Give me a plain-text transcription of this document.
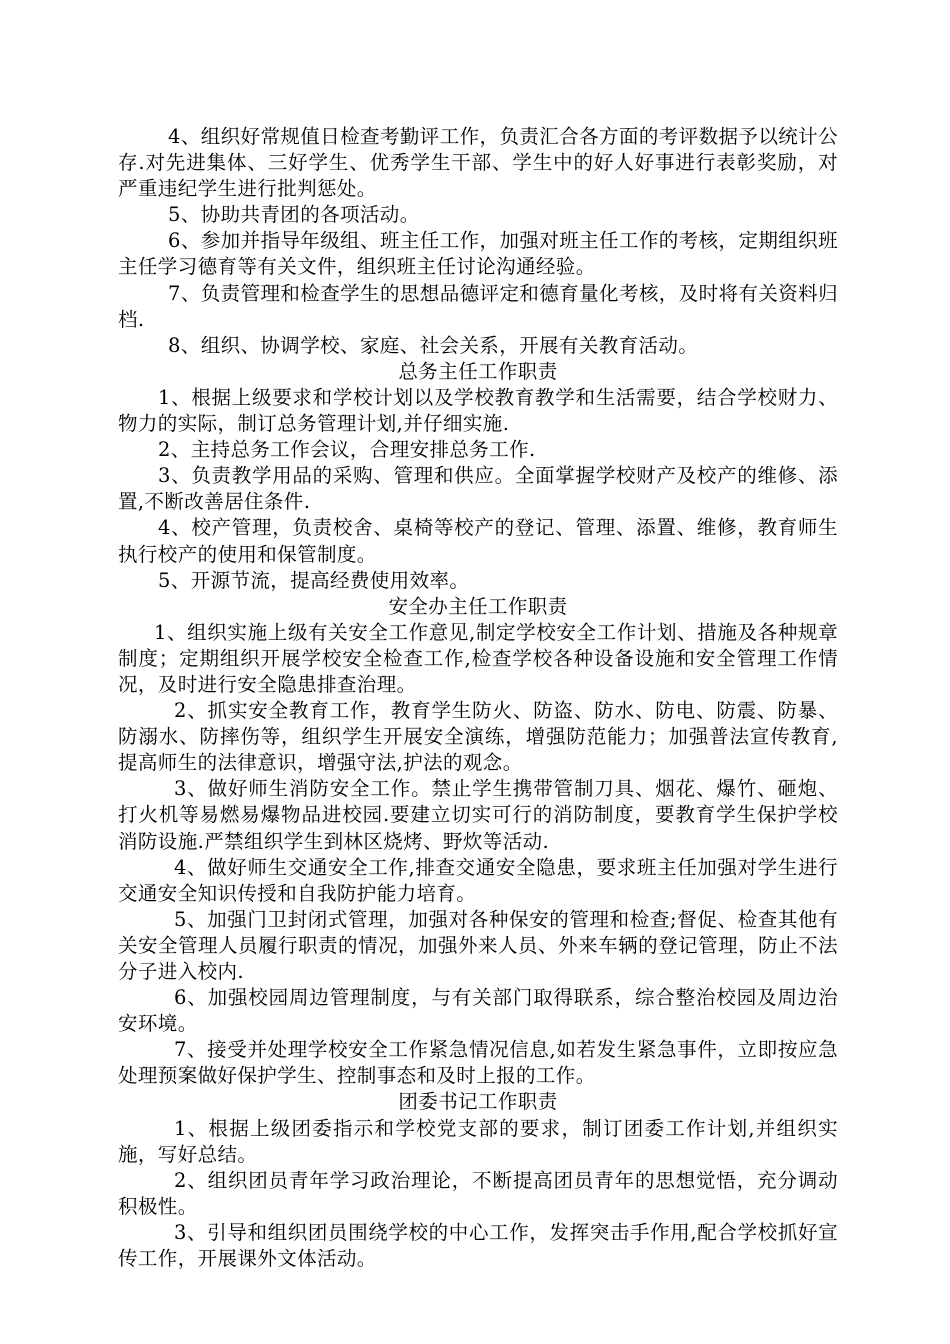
4、组织好常规值日检查考勤评工作，负责汇合各方面的考评数据予以统计公存.对先进集体、三好学生、优秀学生干部、学生中的好人好事进行表彰奖励，对严重违纪学生进行批判惩处。

5、协助共青团的各项活动。

6、参加并指导年级组、班主任工作，加强对班主任工作的考核，定期组织班主任学习德育等有关文件，组织班主任讨论沟通经验。

7、负责管理和检查学生的思想品德评定和德育量化考核，及时将有关资料归档.

8、组织、协调学校、家庭、社会关系，开展有关教育活动。

总务主任工作职责

1、根据上级要求和学校计划以及学校教育教学和生活需要，结合学校财力、物力的实际，制订总务管理计划,并仔细实施.

2、主持总务工作会议，合理安排总务工作.

3、负责教学用品的采购、管理和供应。全面掌握学校财产及校产的维修、添置,不断改善居住条件.

4、校产管理，负责校舍、桌椅等校产的登记、管理、添置、维修，教育师生执行校产的使用和保管制度。

5、开源节流，提高经费使用效率。

安全办主任工作职责

1、组织实施上级有关安全工作意见,制定学校安全工作计划、措施及各种规章制度；定期组织开展学校安全检查工作,检查学校各种设备设施和安全管理工作情况，及时进行安全隐患排查治理。

2、抓实安全教育工作，教育学生防火、防盗、防水、防电、防震、防暴、防溺水、防摔伤等，组织学生开展安全演练，增强防范能力；加强普法宣传教育,提高师生的法律意识，增强守法,护法的观念。

3、做好师生消防安全工作。禁止学生携带管制刀具、烟花、爆竹、砸炮、打火机等易燃易爆物品进校园.要建立切实可行的消防制度，要教育学生保护学校消防设施.严禁组织学生到林区烧烤、野炊等活动.

4、做好师生交通安全工作,排查交通安全隐患，要求班主任加强对学生进行交通安全知识传授和自我防护能力培育。

5、加强门卫封闭式管理，加强对各种保安的管理和检查;督促、检查其他有关安全管理人员履行职责的情况，加强外来人员、外来车辆的登记管理，防止不法分子进入校内.

6、加强校园周边管理制度，与有关部门取得联系，综合整治校园及周边治安环境。

7、接受并处理学校安全工作紧急情况信息,如若发生紧急事件，立即按应急处理预案做好保护学生、控制事态和及时上报的工作。

团委书记工作职责

1、根据上级团委指示和学校党支部的要求，制订团委工作计划,并组织实施，写好总结。

2、组织团员青年学习政治理论，不断提高团员青年的思想觉悟，充分调动积极性。

3、引导和组织团员围绕学校的中心工作，发挥突击手作用,配合学校抓好宣传工作，开展课外文体活动。
